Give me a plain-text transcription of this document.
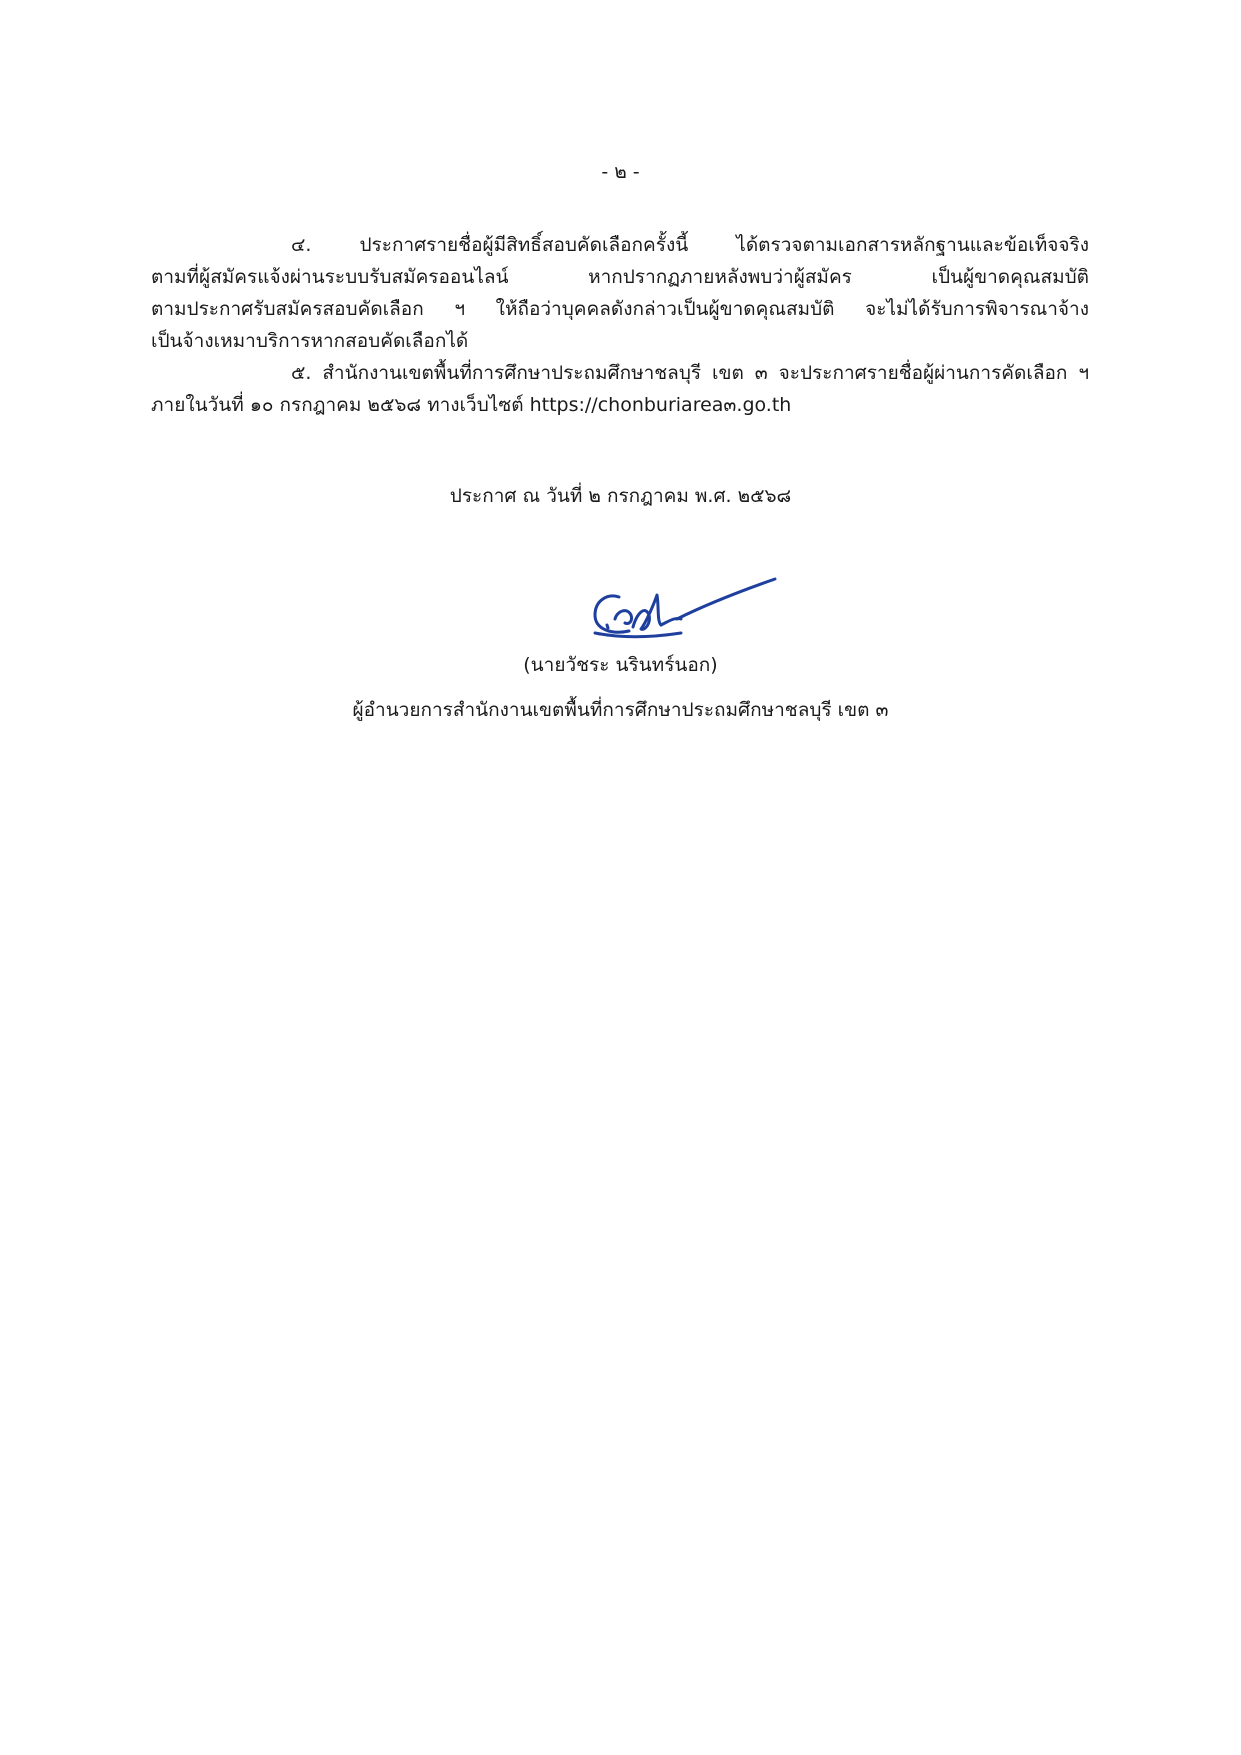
- ๒ -
๔. ประกาศรายชื่อผู้มีสิทธิ์สอบคัดเลือกครั้งนี้ ได้ตรวจตามเอกสารหลักฐานและข้อเท็จจริง
ตามที่ผู้สมัครแจ้งผ่านระบบรับสมัครออนไลน์ หากปรากฏภายหลังพบว่าผู้สมัคร เป็นผู้ขาดคุณสมบัติ
ตามประกาศรับสมัครสอบคัดเลือก ฯ ให้ถือว่าบุคคลดังกล่าวเป็นผู้ขาดคุณสมบัติ จะไม่ได้รับการพิจารณาจ้าง
เป็นจ้างเหมาบริการหากสอบคัดเลือกได้
๕. สำนักงานเขตพื้นที่การศึกษาประถมศึกษาชลบุรี เขต ๓ จะประกาศรายชื่อผู้ผ่านการคัดเลือก ฯ
ภายในวันที่ ๑๐ กรกฎาคม ๒๕๖๘ ทางเว็บไซต์ https://chonburiarea๓.go.th
ประกาศ ณ วันที่ ๒ กรกฎาคม พ.ศ. ๒๕๖๘
(นายวัชระ นรินทร์นอก)
ผู้อำนวยการสำนักงานเขตพื้นที่การศึกษาประถมศึกษาชลบุรี เขต ๓
